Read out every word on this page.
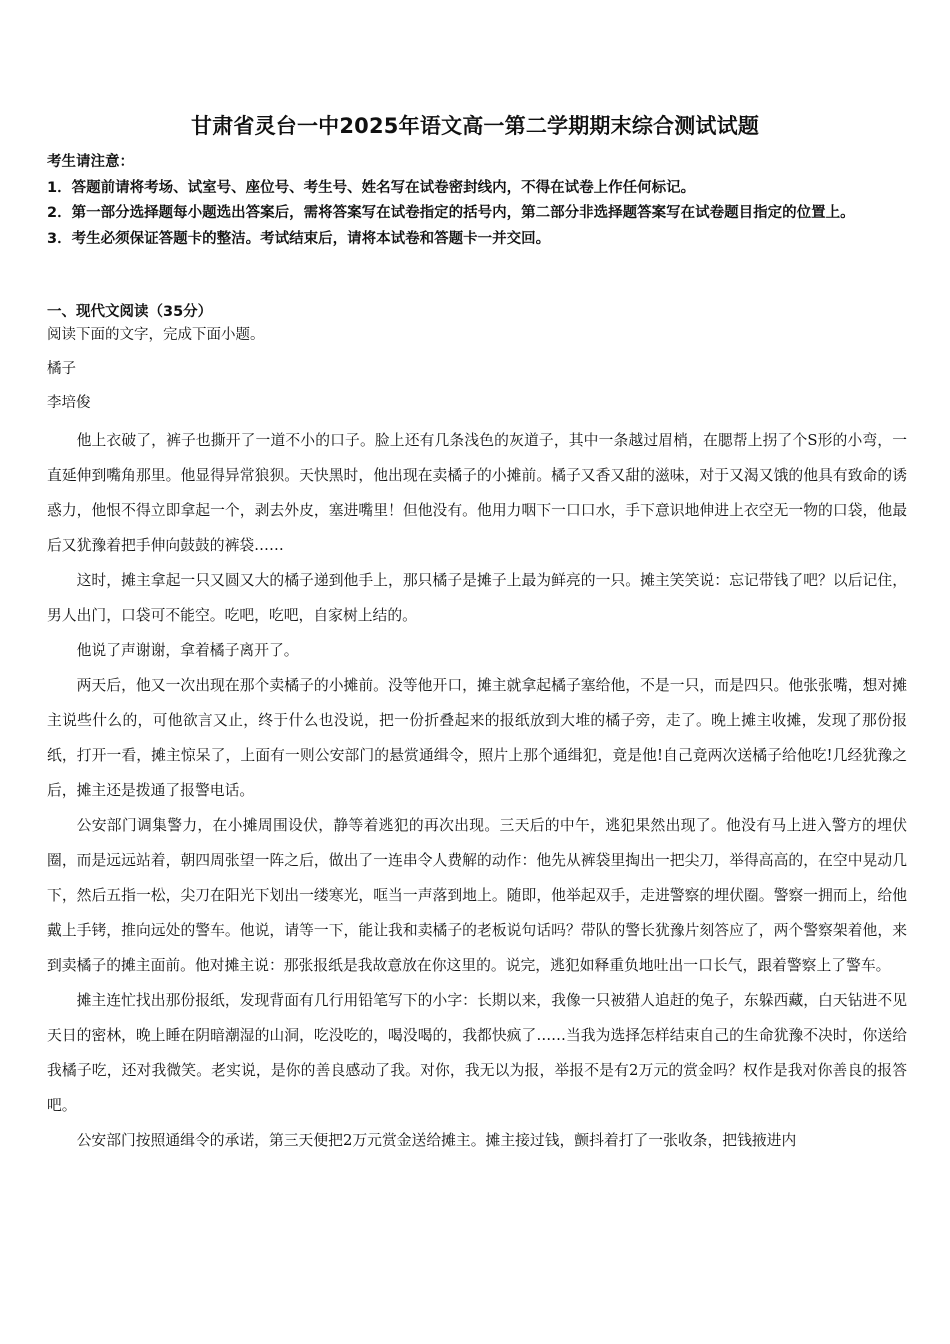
甘肃省灵台一中2025年语文高一第二学期期末综合测试试题

考生请注意：

1．答题前请将考场、试室号、座位号、考生号、姓名写在试卷密封线内，不得在试卷上作任何标记。

2．第一部分选择题每小题选出答案后，需将答案写在试卷指定的括号内，第二部分非选择题答案写在试卷题目指定的位置上。

3．考生必须保证答题卡的整洁。考试结束后，请将本试卷和答题卡一并交回。

一、现代文阅读（35分）
阅读下面的文字，完成下面小题。
橘子
李培俊

他上衣破了，裤子也撕开了一道不小的口子。脸上还有几条浅色的灰道子，其中一条越过眉梢，在腮帮上拐了个S形的小弯，一直延伸到嘴角那里。他显得异常狼狈。天快黑时，他出现在卖橘子的小摊前。橘子又香又甜的滋味，对于又渴又饿的他具有致命的诱惑力，他恨不得立即拿起一个，剥去外皮，塞进嘴里！但他没有。他用力咽下一口口水，手下意识地伸进上衣空无一物的口袋，他最后又犹豫着把手伸向鼓鼓的裤袋……

这时，摊主拿起一只又圆又大的橘子递到他手上，那只橘子是摊子上最为鲜亮的一只。摊主笑笑说：忘记带钱了吧？以后记住，男人出门，口袋可不能空。吃吧，吃吧，自家树上结的。

他说了声谢谢，拿着橘子离开了。

两天后，他又一次出现在那个卖橘子的小摊前。没等他开口，摊主就拿起橘子塞给他，不是一只，而是四只。他张张嘴，想对摊主说些什么的，可他欲言又止，终于什么也没说，把一份折叠起来的报纸放到大堆的橘子旁，走了。晚上摊主收摊，发现了那份报纸，打开一看，摊主惊呆了，上面有一则公安部门的悬赏通缉令，照片上那个通缉犯，竟是他!自己竟两次送橘子给他吃!几经犹豫之后，摊主还是拨通了报警电话。

公安部门调集警力，在小摊周围设伏，静等着逃犯的再次出现。三天后的中午，逃犯果然出现了。他没有马上进入警方的埋伏圈，而是远远站着，朝四周张望一阵之后，做出了一连串令人费解的动作：他先从裤袋里掏出一把尖刀，举得高高的，在空中晃动几下，然后五指一松，尖刀在阳光下划出一缕寒光，哐当一声落到地上。随即，他举起双手，走进警察的埋伏圈。警察一拥而上，给他戴上手铐，推向远处的警车。他说，请等一下，能让我和卖橘子的老板说句话吗？带队的警长犹豫片刻答应了，两个警察架着他，来到卖橘子的摊主面前。他对摊主说：那张报纸是我故意放在你这里的。说完，逃犯如释重负地吐出一口长气，跟着警察上了警车。

摊主连忙找出那份报纸，发现背面有几行用铅笔写下的小字：长期以来，我像一只被猎人追赶的兔子，东躲西藏，白天钻进不见天日的密林，晚上睡在阴暗潮湿的山洞，吃没吃的，喝没喝的，我都快疯了……当我为选择怎样结束自己的生命犹豫不决时，你送给我橘子吃，还对我微笑。老实说，是你的善良感动了我。对你，我无以为报，举报不是有2万元的赏金吗？权作是我对你善良的报答吧。

公安部门按照通缉令的承诺，第三天便把2万元赏金送给摊主。摊主接过钱，颤抖着打了一张收条，把钱掖进内
